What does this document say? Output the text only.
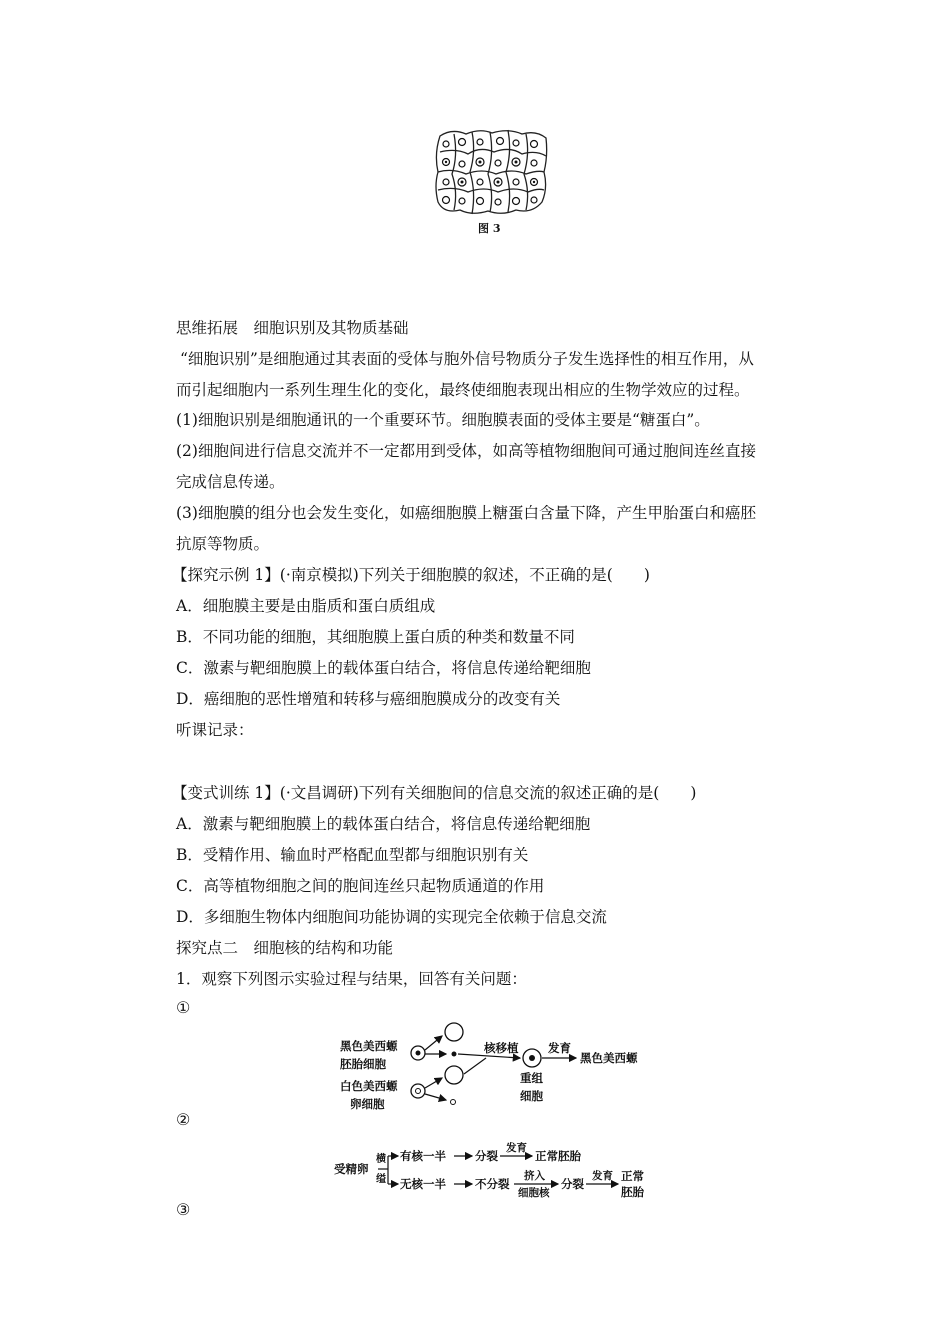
图 3
思维拓展　细胞识别及其物质基础
“细胞识别”是细胞通过其表面的受体与胞外信号物质分子发生选择性的相互作用，从
而引起细胞内一系列生理生化的变化，最终使细胞表现出相应的生物学效应的过程。
(1)细胞识别是细胞通讯的一个重要环节。细胞膜表面的受体主要是“糖蛋白”。
(2)细胞间进行信息交流并不一定都用到受体，如高等植物细胞间可通过胞间连丝直接
完成信息传递。
(3)细胞膜的组分也会发生变化，如癌细胞膜上糖蛋白含量下降，产生甲胎蛋白和癌胚
抗原等物质。
【探究示例 1】(·南京模拟)下列关于细胞膜的叙述，不正确的是(　　)
A．细胞膜主要是由脂质和蛋白质组成
B．不同功能的细胞，其细胞膜上蛋白质的种类和数量不同
C．激素与靶细胞膜上的载体蛋白结合，将信息传递给靶细胞
D．癌细胞的恶性增殖和转移与癌细胞膜成分的改变有关
听课记录：
【变式训练 1】(·文昌调研)下列有关细胞间的信息交流的叙述正确的是(　　)
A．激素与靶细胞膜上的载体蛋白结合，将信息传递给靶细胞
B．受精作用、输血时严格配血型都与细胞识别有关
C．高等植物细胞之间的胞间连丝只起物质通道的作用
D．多细胞生物体内细胞间功能协调的实现完全依赖于信息交流
探究点二　细胞核的结构和功能
1．观察下列图示实验过程与结果，回答有关问题：
①
②
③
黑色美西螈
胚胎细胞
白色美西螈
卵细胞
核移植
重组
细胞
发育
黑色美西螈
受精卵
横
缢
有核一半	分裂
发育
正常胚胎
无核一半	不分裂
挤入
细胞核
分裂
发育 正常
胚胎
